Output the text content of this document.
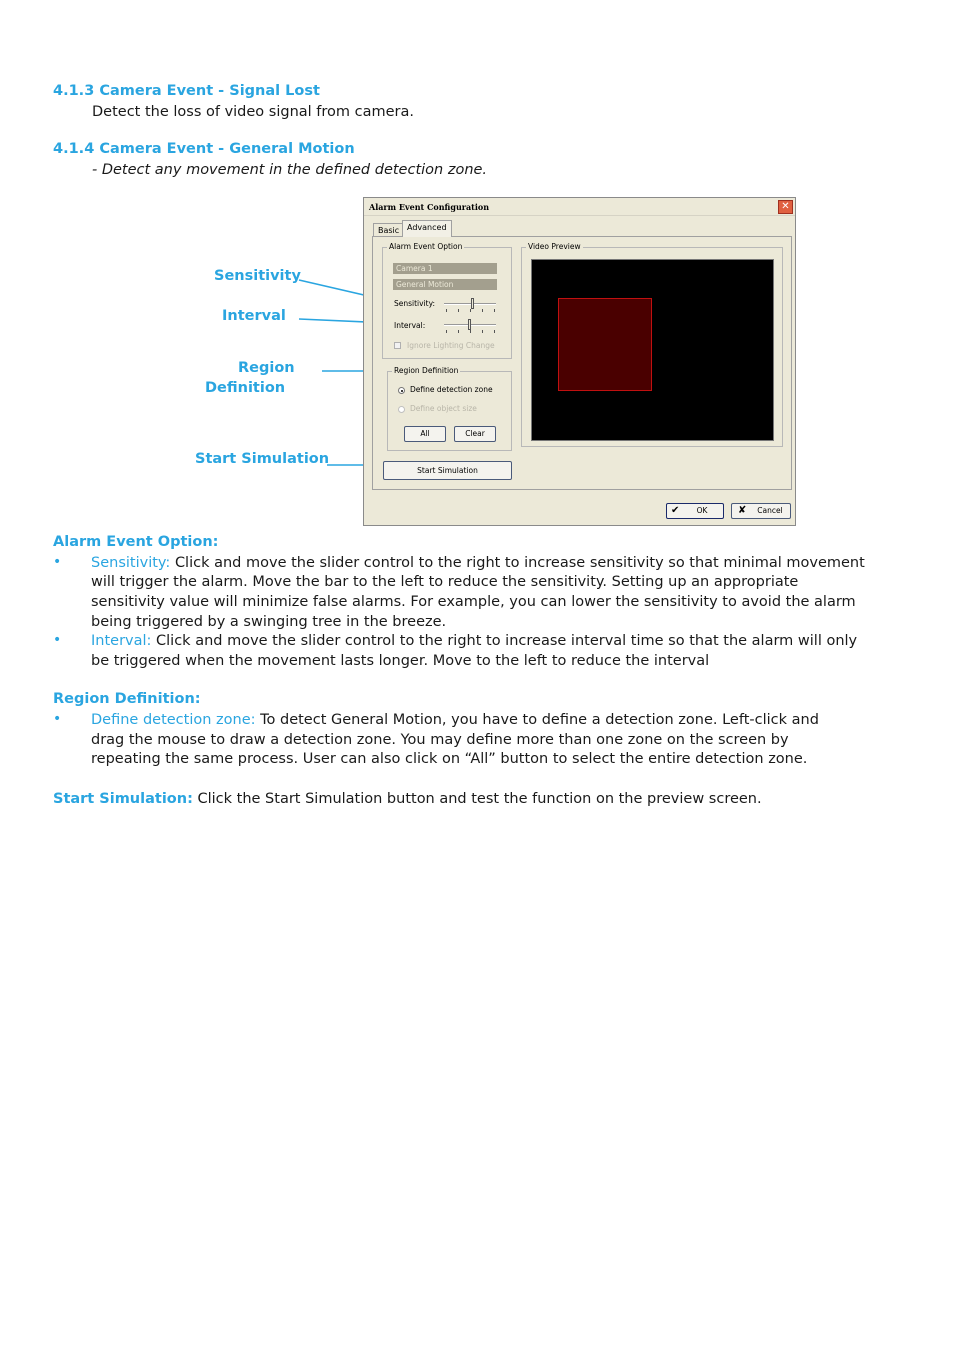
4.1.3 Camera Event - Signal Lost
Detect the loss of video signal from camera.
4.1.4 Camera Event - General Motion
- Detect any movement in the defined detection zone.
Sensitivity
Interval
Region
Definition
Start Simulation
Alarm Event Configuration	✕
Basic Advanced
Alarm Event Option
Camera 1
General Motion
Sensitivity:
Interval:
Ignore Lighting Change
Region Definition
Define detection zone
Define object size
All	Clear
Start Simulation
Video Preview
✔ OK	✘ Cancel
Alarm Event Option:
• Sensitivity: Click and move the slider control to the right to increase sensitivity so that minimal movement
will trigger the alarm. Move the bar to the left to reduce the sensitivity. Setting up an appropriate
sensitivity value will minimize false alarms. For example, you can lower the sensitivity to avoid the alarm
being triggered by a swinging tree in the breeze.
• Interval: Click and move the slider control to the right to increase interval time so that the alarm will only
be triggered when the movement lasts longer. Move to the left to reduce the interval
Region Definition:
• Define detection zone: To detect General Motion, you have to define a detection zone. Left-click and
drag the mouse to draw a detection zone. You may define more than one zone on the screen by
repeating the same process. User can also click on “All” button to select the entire detection zone.
Start Simulation: Click the Start Simulation button and test the function on the preview screen.
